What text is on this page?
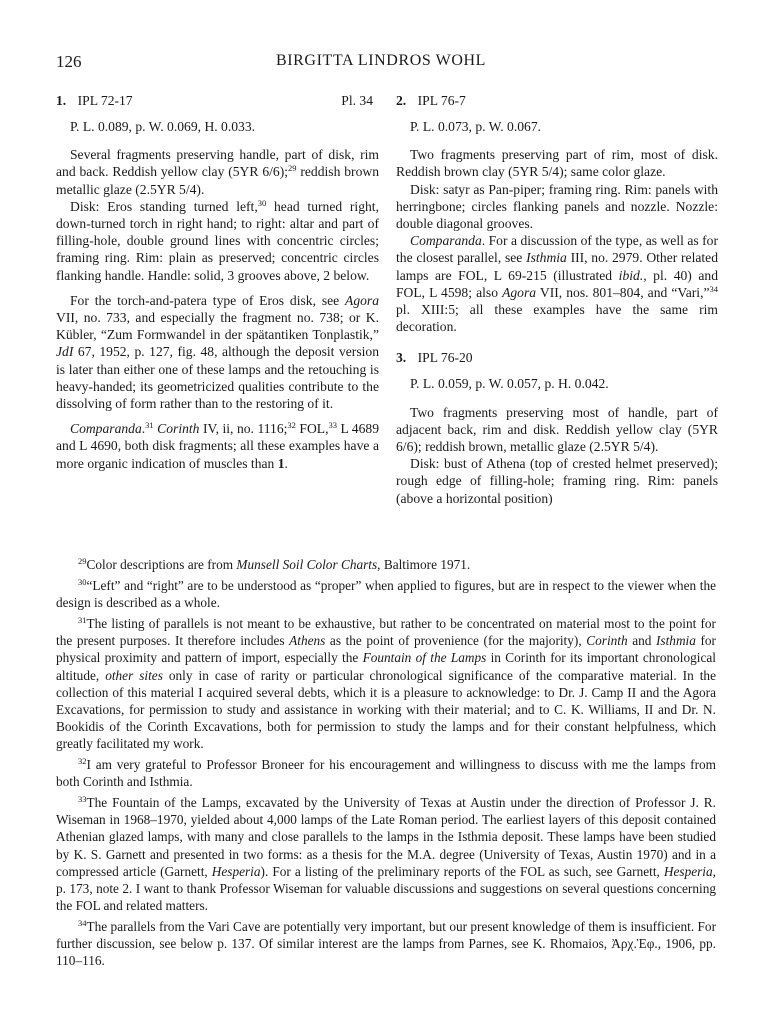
126	BIRGITTA LINDROS WOHL
1. IPL 72-17	Pl. 34
P. L. 0.089, p. W. 0.069, H. 0.033.

Several fragments preserving handle, part of disk, rim and back. Reddish yellow clay (5YR 6/6);$^{29}$ reddish brown metallic glaze (2.5YR 5/4).

Disk: Eros standing turned left,$^{30}$ head turned right, down-turned torch in right hand; to right: altar and part of filling-hole, double ground lines with concentric circles; framing ring. Rim: plain as preserved; concentric circles flanking handle. Handle: solid, 3 grooves above, 2 below.

For the torch-and-patera type of Eros disk, see Agora VII, no. 733, and especially the fragment no. 738; or K. Kübler, “Zum Formwandel in der spätantiken Tonplastik,” JdI 67, 1952, p. 127, fig. 48, although the deposit version is later than either one of these lamps and the retouching is heavy-handed; its geometricized qualities contribute to the dissolving of form rather than to the restoring of it.

Comparanda.$^{31}$ Corinth IV, ii, no. 1116;$^{32}$ FOL,$^{33}$ L 4689 and L 4690, both disk fragments; all these examples have a more organic indication of muscles than 1.

2. IPL 76-7
P. L. 0.073, p. W. 0.067.

Two fragments preserving part of rim, most of disk. Reddish brown clay (5YR 5/4); same color glaze.

Disk: satyr as Pan-piper; framing ring. Rim: panels with herringbone; circles flanking panels and nozzle. Nozzle: double diagonal grooves.

Comparanda. For a discussion of the type, as well as for the closest parallel, see Isthmia III, no. 2979. Other related lamps are FOL, L 69-215 (illustrated ibid., pl. 40) and FOL, L 4598; also Agora VII, nos. 801–804, and “Vari,”$^{34}$ pl. XIII:5; all these examples have the same rim decoration.

3. IPL 76-20
P. L. 0.059, p. W. 0.057, p. H. 0.042.

Two fragments preserving most of handle, part of adjacent back, rim and disk. Reddish yellow clay (5YR 6/6); reddish brown, metallic glaze (2.5YR 5/4).

Disk: bust of Athena (top of crested helmet preserved); rough edge of filling-hole; framing ring. Rim: panels (above a horizontal position)

$^{29}$Color descriptions are from Munsell Soil Color Charts, Baltimore 1971.

$^{30}$“Left” and “right” are to be understood as “proper” when applied to figures, but are in respect to the viewer when the design is described as a whole.

$^{31}$The listing of parallels is not meant to be exhaustive, but rather to be concentrated on material most to the point for the present purposes. It therefore includes Athens as the point of provenience (for the majority), Corinth and Isthmia for physical proximity and pattern of import, especially the Fountain of the Lamps in Corinth for its important chronological altitude, other sites only in case of rarity or particular chronological significance of the comparative material. In the collection of this material I acquired several debts, which it is a pleasure to acknowledge: to Dr. J. Camp II and the Agora Excavations, for permission to study and assistance in working with their material; and to C. K. Williams, II and Dr. N. Bookidis of the Corinth Excavations, both for permission to study the lamps and for their constant helpfulness, which greatly facilitated my work.

$^{32}$I am very grateful to Professor Broneer for his encouragement and willingness to discuss with me the lamps from both Corinth and Isthmia.

$^{33}$The Fountain of the Lamps, excavated by the University of Texas at Austin under the direction of Professor J. R. Wiseman in 1968–1970, yielded about 4,000 lamps of the Late Roman period. The earliest layers of this deposit contained Athenian glazed lamps, with many and close parallels to the lamps in the Isthmia deposit. These lamps have been studied by K. S. Garnett and presented in two forms: as a thesis for the M.A. degree (University of Texas, Austin 1970) and in a compressed article (Garnett, Hesperia). For a listing of the preliminary reports of the FOL as such, see Garnett, Hesperia, p. 173, note 2. I want to thank Professor Wiseman for valuable discussions and suggestions on several questions concerning the FOL and related matters.

$^{34}$The parallels from the Vari Cave are potentially very important, but our present knowledge of them is insufficient. For further discussion, see below p. 137. Of similar interest are the lamps from Parnes, see K. Rhomaios, Ἀρχ.Ἐφ., 1906, pp. 110–116.
